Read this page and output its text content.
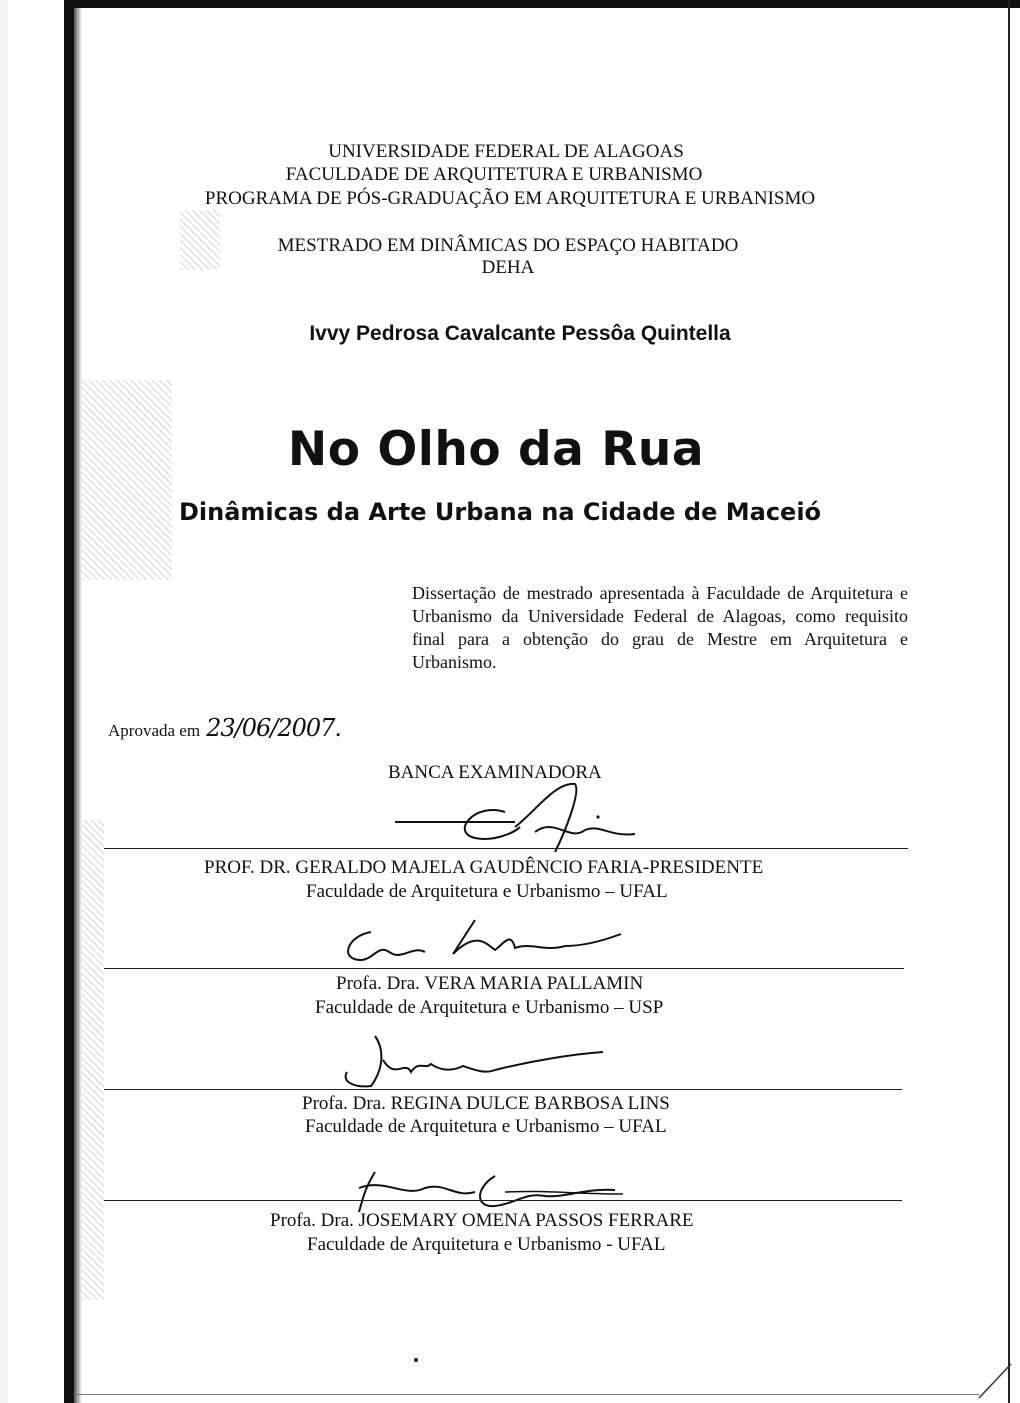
UNIVERSIDADE FEDERAL DE ALAGOAS
FACULDADE DE ARQUITETURA E URBANISMO
PROGRAMA DE PÓS-GRADUAÇÃO EM ARQUITETURA E URBANISMO
MESTRADO EM DINÂMICAS DO ESPAÇO HABITADO
DEHA
Ivvy Pedrosa Cavalcante Pessôa Quintella
No Olho da Rua
Dinâmicas da Arte Urbana na Cidade de Maceió
Dissertação de mestrado apresentada à Faculdade de Arquitetura e Urbanismo da Universidade Federal de Alagoas, como requisito final para a obtenção do grau de Mestre em Arquitetura e Urbanismo.
Aprovada em 23/06/2007.
BANCA EXAMINADORA
PROF. DR. GERALDO MAJELA GAUDÊNCIO FARIA-PRESIDENTE
Faculdade de Arquitetura e Urbanismo – UFAL
Profa. Dra. VERA MARIA PALLAMIN
Faculdade de Arquitetura e Urbanismo – USP
Profa. Dra. REGINA DULCE BARBOSA LINS
Faculdade de Arquitetura e Urbanismo – UFAL
Profa. Dra. JOSEMARY OMENA PASSOS FERRARE
Faculdade de Arquitetura e Urbanismo - UFAL
